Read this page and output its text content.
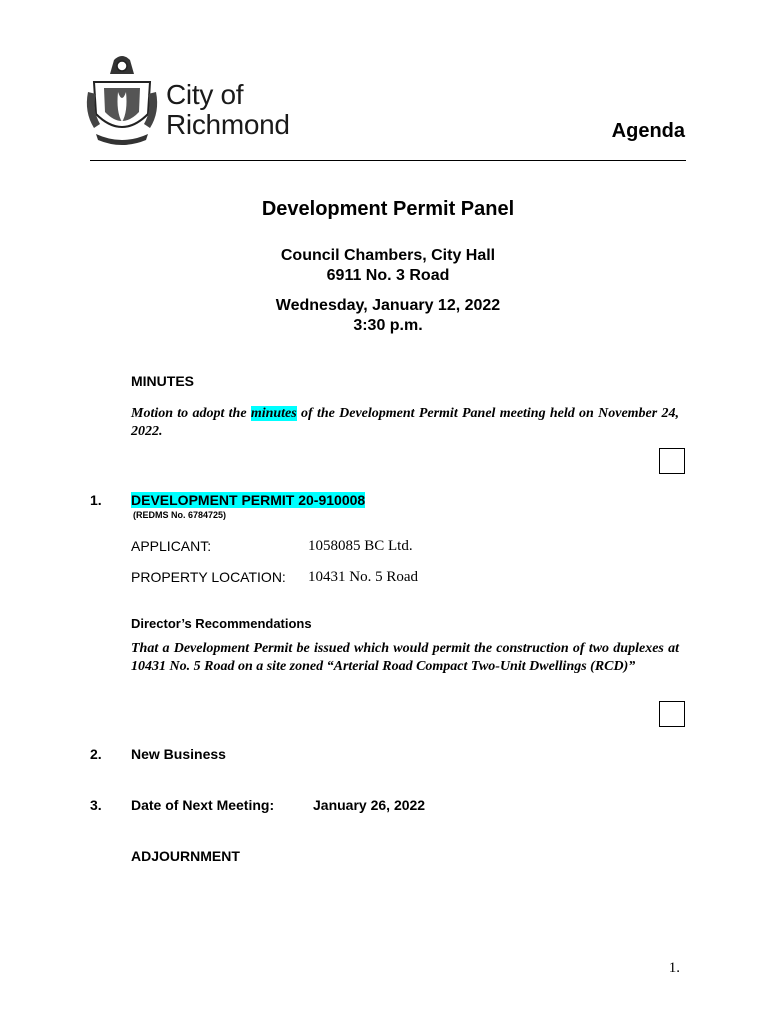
City of
Richmond	Agenda
Development Permit Panel
Council Chambers, City Hall
6911 No. 3 Road
Wednesday, January 12, 2022
3:30 p.m.
MINUTES
Motion to adopt the minutes of the Development Permit Panel meeting held on November 24, 2022.
1. DEVELOPMENT PERMIT 20-910008
(REDMS No. 6784725)
APPLICANT:	1058085 BC Ltd.
PROPERTY LOCATION: 10431 No. 5 Road
Director’s Recommendations
That a Development Permit be issued which would permit the construction of two duplexes at 10431 No. 5 Road on a site zoned “Arterial Road Compact Two-Unit Dwellings (RCD)”
2. New Business
3. Date of Next Meeting:	January 26, 2022
ADJOURNMENT
1.
